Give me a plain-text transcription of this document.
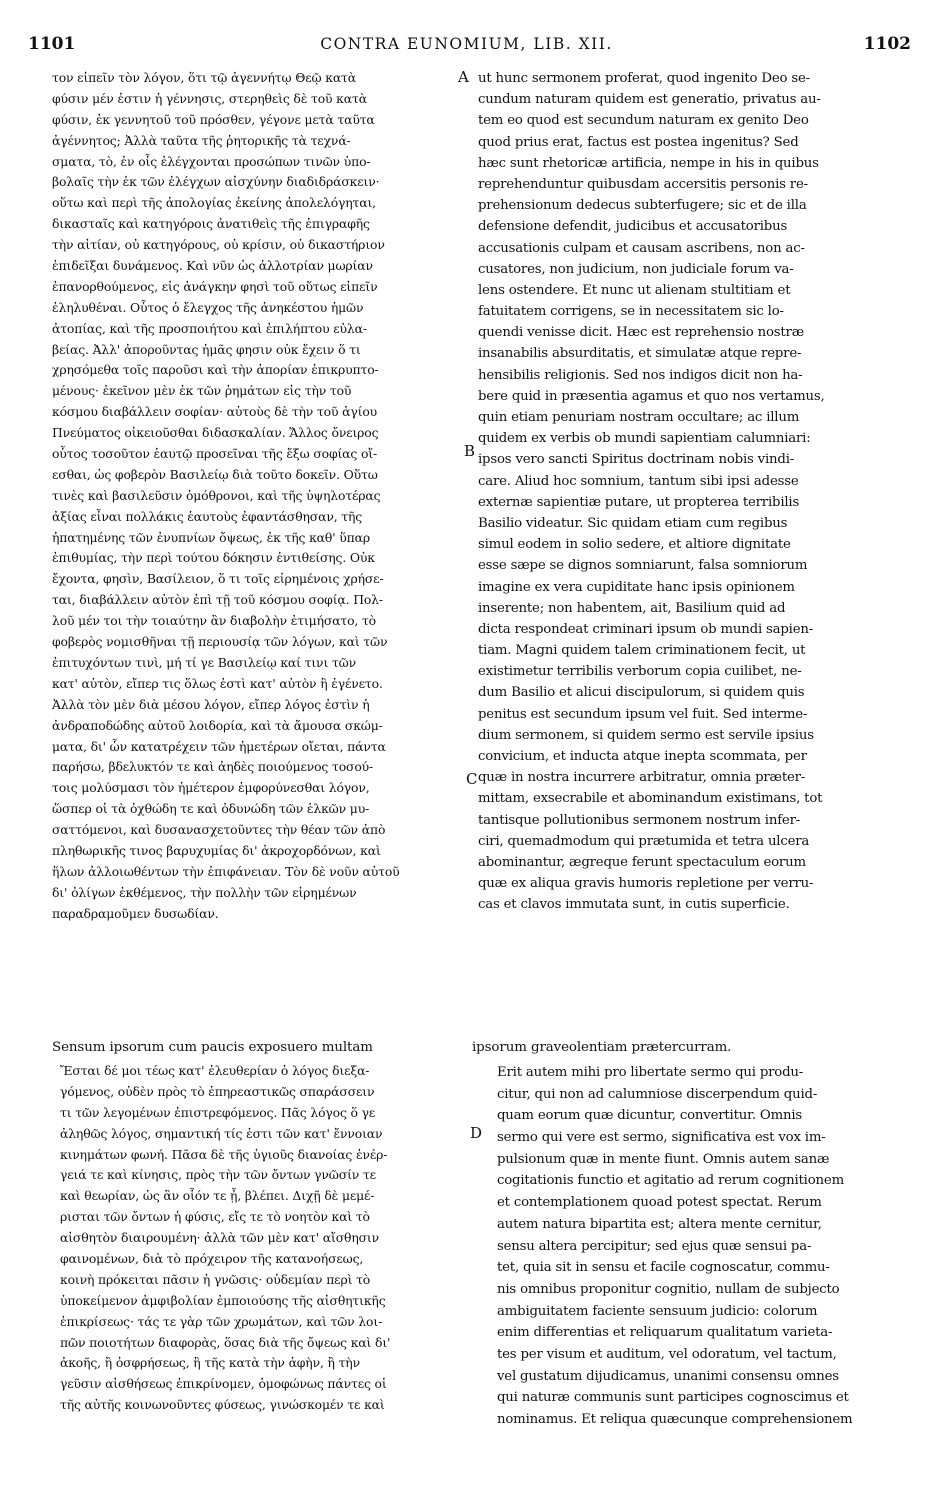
1101	CONTRA EUNOMIUM, LIB. XII.	1102
A
B
C
D
τον εἰπεῖν τὸν λόγον, ὅτι τῷ ἀγεννήτῳ Θεῷ κατὰ
φύσιν μέν ἐστιν ἡ γέννησις, στερηθεὶς δὲ τοῦ κατὰ
φύσιν, ἐκ γεννητοῦ τοῦ πρόσθεν, γέγονε μετὰ ταῦτα
ἀγέννητος; Ἀλλὰ ταῦτα τῆς ῥητορικῆς τὰ τεχνά-
σματα, τὸ, ἐν οἷς ἐλέγχονται προσώπων τινῶν ὑπο-
βολαῖς τὴν ἐκ τῶν ἐλέγχων αἰσχύνην διαδιδράσκειν·
οὕτω καὶ περὶ τῆς ἀπολογίας ἐκείνης ἀπολελόγηται,
δικασταῖς καὶ κατηγόροις ἀνατιθεὶς τῆς ἐπιγραφῆς
τὴν αἰτίαν, οὐ κατηγόρους, οὐ κρίσιν, οὐ δικαστήριον
ἐπιδεῖξαι δυνάμενος. Καὶ νῦν ὡς ἀλλοτρίαν μωρίαν
ἐπανορθούμενος, εἰς ἀνάγκην φησὶ τοῦ οὕτως εἰπεῖν
ἐληλυθέναι. Οὗτος ὁ ἔλεγχος τῆς ἀνηκέστου ἡμῶν
ἀτοπίας, καὶ τῆς προσποιήτου καὶ ἐπιλήπτου εὐλα-
βείας. Ἀλλ' ἀποροῦντας ἡμᾶς φησιν οὐκ ἔχειν ὅ τι
χρησόμεθα τοῖς παροῦσι καὶ τὴν ἀπορίαν ἐπικρυπτο-
μένους· ἐκεῖνον μὲν ἐκ τῶν ῥημάτων εἰς τὴν τοῦ
κόσμου διαβάλλειν σοφίαν· αὐτοὺς δὲ τὴν τοῦ ἁγίου
Πνεύματος οἰκειοῦσθαι διδασκαλίαν. Ἄλλος ὄνειρος
οὗτος τοσοῦτον ἑαυτῷ προσεῖναι τῆς ἔξω σοφίας οἴ-
εσθαι, ὡς φοβερὸν Βασιλείῳ διὰ τοῦτο δοκεῖν. Οὕτω
τινὲς καὶ βασιλεῦσιν ὁμόθρονοι, καὶ τῆς ὑψηλοτέρας
ἀξίας εἶναι πολλάκις ἑαυτοὺς ἐφαντάσθησαν, τῆς
ἠπατημένης τῶν ἐνυπνίων ὄψεως, ἐκ τῆς καθ' ὕπαρ
ἐπιθυμίας, τὴν περὶ τούτου δόκησιν ἐντιθείσης. Οὐκ
ἔχοντα, φησὶν, Βασίλειον, ὅ τι τοῖς εἰρημένοις χρήσε-
ται, διαβάλλειν αὐτὸν ἐπὶ τῇ τοῦ κόσμου σοφίᾳ. Πολ-
λοῦ μέν τοι τὴν τοιαύτην ἂν διαβολὴν ἐτιμήσατο, τὸ
φοβερὸς νομισθῆναι τῇ περιουσίᾳ τῶν λόγων, καὶ τῶν
ἐπιτυχόντων τινὶ, μή τί γε Βασιλείῳ καί τινι τῶν
κατ' αὐτὸν, εἴπερ τις ὅλως ἐστὶ κατ' αὐτὸν ἢ ἐγένετο.
Ἀλλὰ τὸν μὲν διὰ μέσου λόγον, εἴπερ λόγος ἐστὶν ἡ
ἀνδραποδώδης αὐτοῦ λοιδορία, καὶ τὰ ἄμουσα σκώμ-
ματα, δι' ὧν κατατρέχειν τῶν ἡμετέρων οἴεται, πάντα
παρήσω, βδελυκτόν τε καὶ ἀηδὲς ποιούμενος τοσού-
τοις μολύσμασι τὸν ἡμέτερον ἐμφορύνεσθαι λόγον,
ὥσπερ οἱ τὰ ὀχθώδη τε καὶ ὀδυνώδη τῶν ἑλκῶν μυ-
σαττόμενοι, καὶ δυσανασχετοῦντες τὴν θέαν τῶν ἀπὸ
πληθωρικῆς τινος βαρυχυμίας δι' ἀκροχορδόνων, καὶ
ἥλων ἀλλοιωθέντων τὴν ἐπιφάνειαν. Τὸν δὲ νοῦν αὐτοῦ
δι' ὀλίγων ἐκθέμενος, τὴν πολλὴν τῶν εἰρημένων
παραδραμοῦμεν δυσωδίαν.
ut hunc sermonem proferat, quod ingenito Deo se-
cundum naturam quidem est generatio, privatus au-
tem eo quod est secundum naturam ex genito Deo
quod prius erat, factus est postea ingenitus? Sed
hæc sunt rhetoricæ artificia, nempe in his in quibus
reprehenduntur quibusdam accersitis personis re-
prehensionum dedecus subterfugere; sic et de illa
defensione defendit, judicibus et accusatoribus
accusationis culpam et causam ascribens, non ac-
cusatores, non judicium, non judiciale forum va-
lens ostendere. Et nunc ut alienam stultitiam et
fatuitatem corrigens, se in necessitatem sic lo-
quendi venisse dicit. Hæc est reprehensio nostræ
insanabilis absurditatis, et simulatæ atque repre-
hensibilis religionis. Sed nos indigos dicit non ha-
bere quid in præsentia agamus et quo nos vertamus,
quin etiam penuriam nostram occultare; ac illum
quidem ex verbis ob mundi sapientiam calumniari:
ipsos vero sancti Spiritus doctrinam nobis vindi-
care. Aliud hoc somnium, tantum sibi ipsi adesse
externæ sapientiæ putare, ut propterea terribilis
Basilio videatur. Sic quidam etiam cum regibus
simul eodem in solio sedere, et altiore dignitate
esse sæpe se dignos somniarunt, falsa somniorum
imagine ex vera cupiditate hanc ipsis opinionem
inserente; non habentem, ait, Basilium quid ad
dicta respondeat criminari ipsum ob mundi sapien-
tiam. Magni quidem talem criminationem fecit, ut
existimetur terribilis verborum copia cuilibet, ne-
dum Basilio et alicui discipulorum, si quidem quis
penitus est secundum ipsum vel fuit. Sed interme-
dium sermonem, si quidem sermo est servile ipsius
convicium, et inducta atque inepta scommata, per
quæ in nostra incurrere arbitratur, omnia præter-
mittam, exsecrabile et abominandum existimans, tot
tantisque pollutionibus sermonem nostrum infer-
ciri, quemadmodum qui prætumida et tetra ulcera
abominantur, ægreque ferunt spectaculum eorum
quæ ex aliqua gravis humoris repletione per verru-
cas et clavos immutata sunt, in cutis superficie.
Sensum ipsorum cum paucis exposuero multam	ipsorum graveolentiam prætercurram.
Ἔσται δέ μοι τέως κατ' ἐλευθερίαν ὁ λόγος διεξα-
γόμενος, οὐδὲν πρὸς τὸ ἐπηρεαστικῶς σπαράσσειν
τι τῶν λεγομένων ἐπιστρεφόμενος. Πᾶς λόγος ὅ γε
ἀληθῶς λόγος, σημαντική τίς ἐστι τῶν κατ' ἔννοιαν
κινημάτων φωνή. Πᾶσα δὲ τῆς ὑγιοῦς διανοίας ἐνέρ-
γειά τε καὶ κίνησις, πρὸς τὴν τῶν ὄντων γνῶσίν τε
καὶ θεωρίαν, ὡς ἂν οἷόν τε ᾖ, βλέπει. Διχῇ δὲ μεμέ-
ρισται τῶν ὄντων ἡ φύσις, εἴς τε τὸ νοητὸν καὶ τὸ
αἰσθητὸν διαιρουμένη· ἀλλὰ τῶν μὲν κατ' αἴσθησιν
φαινομένων, διὰ τὸ πρόχειρον τῆς κατανοήσεως,
κοινὴ πρόκειται πᾶσιν ἡ γνῶσις· οὐδεμίαν περὶ τὸ
ὑποκείμενον ἀμφιβολίαν ἐμποιούσης τῆς αἰσθητικῆς
ἐπικρίσεως· τάς τε γὰρ τῶν χρωμάτων, καὶ τῶν λοι-
πῶν ποιοτήτων διαφορὰς, ὅσας διὰ τῆς ὄψεως καὶ δι'
ἀκοῆς, ἢ ὀσφρήσεως, ἢ τῆς κατὰ τὴν ἁφὴν, ἢ τὴν
γεῦσιν αἰσθήσεως ἐπικρίνομεν, ὁμοφώνως πάντες οἱ
τῆς αὐτῆς κοινωνοῦντες φύσεως, γινώσκομέν τε καὶ
Erit autem mihi pro libertate sermo qui produ-
citur, qui non ad calumniose discerpendum quid-
quam eorum quæ dicuntur, convertitur. Omnis
sermo qui vere est sermo, significativa est vox im-
pulsionum quæ in mente fiunt. Omnis autem sanæ
cogitationis functio et agitatio ad rerum cognitionem
et contemplationem quoad potest spectat. Rerum
autem natura bipartita est; altera mente cernitur,
sensu altera percipitur; sed ejus quæ sensui pa-
tet, quia sit in sensu et facile cognoscatur, commu-
nis omnibus proponitur cognitio, nullam de subjecto
ambiguitatem faciente sensuum judicio: colorum
enim differentias et reliquarum qualitatum varieta-
tes per visum et auditum, vel odoratum, vel tactum,
vel gustatum dijudicamus, unanimi consensu omnes
qui naturæ communis sunt participes cognoscimus et
nominamus. Et reliqua quæcunque comprehensionem
